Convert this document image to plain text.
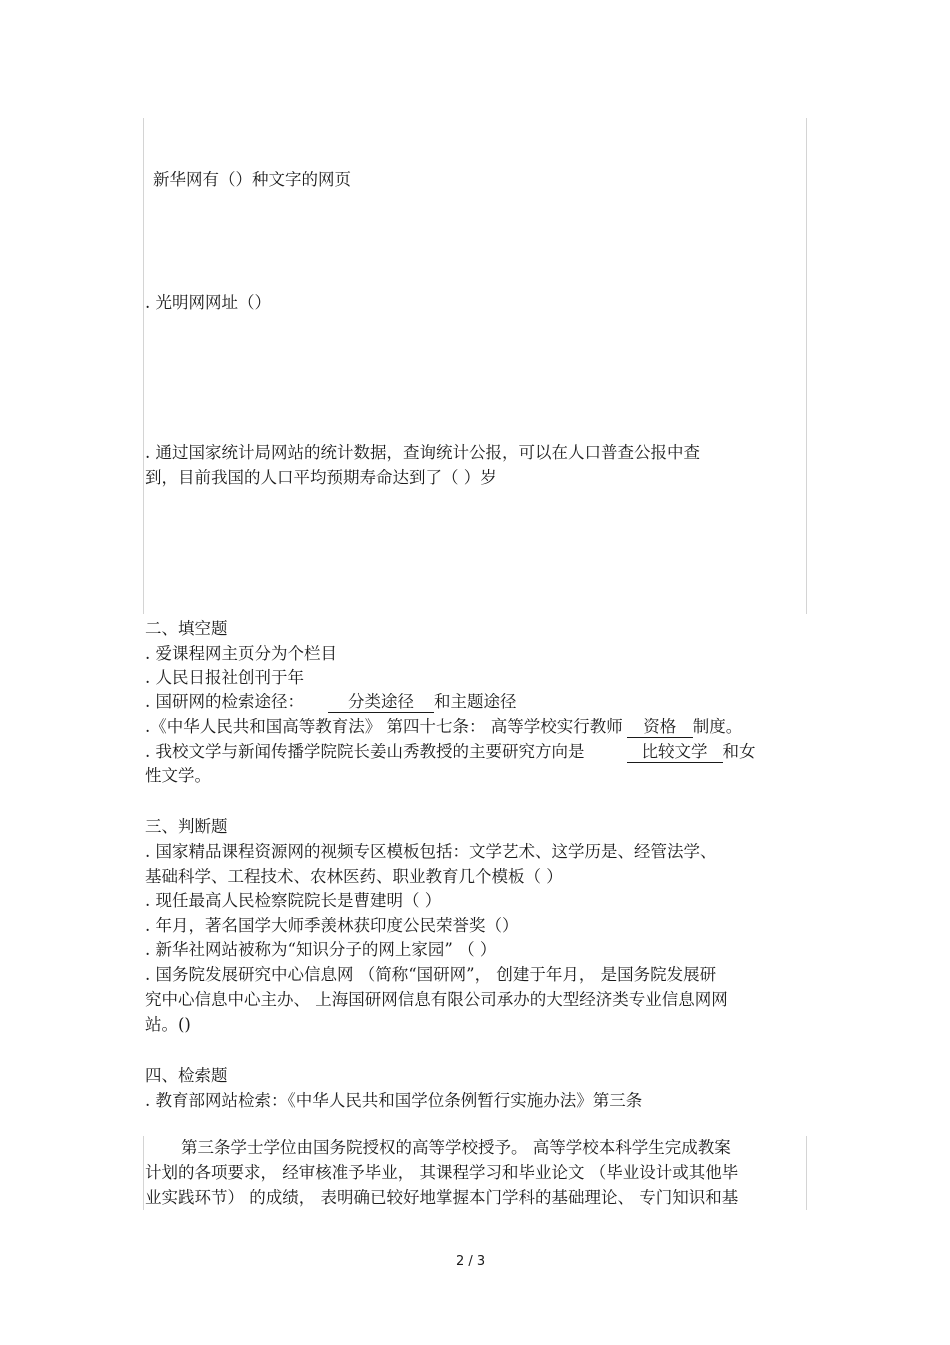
新华网有（）种文字的网页
. 光明网网址（）
. 通过国家统计局网站的统计数据，查询统计公报，可以在人口普查公报中查
到，目前我国的人口平均预期寿命达到了（ ）岁
二、填空题
. 爱课程网主页分为个栏目
. 人民日报社创刊于年
. 国研网的检索途径：	分类途径 和主题途径
.《中华人民共和国高等教育法》 第四十七条： 高等学校实行教师 资格 制度。
. 我校文学与新闻传播学院院长姜山秀教授的主要研究方向是	比较文学 和女
性文学。
三、判断题
. 国家精品课程资源网的视频专区模板包括：文学艺术、这学历是、经管法学、
基础科学、工程技术、农林医药、职业教育几个模板（ ）
. 现任最高人民检察院院长是曹建明（ ）
. 年月，著名国学大师季羡林获印度公民荣誉奖（）
. 新华社网站被称为“知识分子的网上家园” （ ）
. 国务院发展研究中心信息网 （简称“国研网”， 创建于年月， 是国务院发展研
究中心信息中心主办、 上海国研网信息有限公司承办的大型经济类专业信息网网
站。()
四、检索题
. 教育部网站检索：《中华人民共和国学位条例暂行实施办法》第三条
第三条学士学位由国务院授权的高等学校授予。 高等学校本科学生完成教案
计划的各项要求， 经审核准予毕业， 其课程学习和毕业论文 （毕业设计或其他毕
业实践环节） 的成绩， 表明确已较好地掌握本门学科的基础理论、 专门知识和基
2 / 3
